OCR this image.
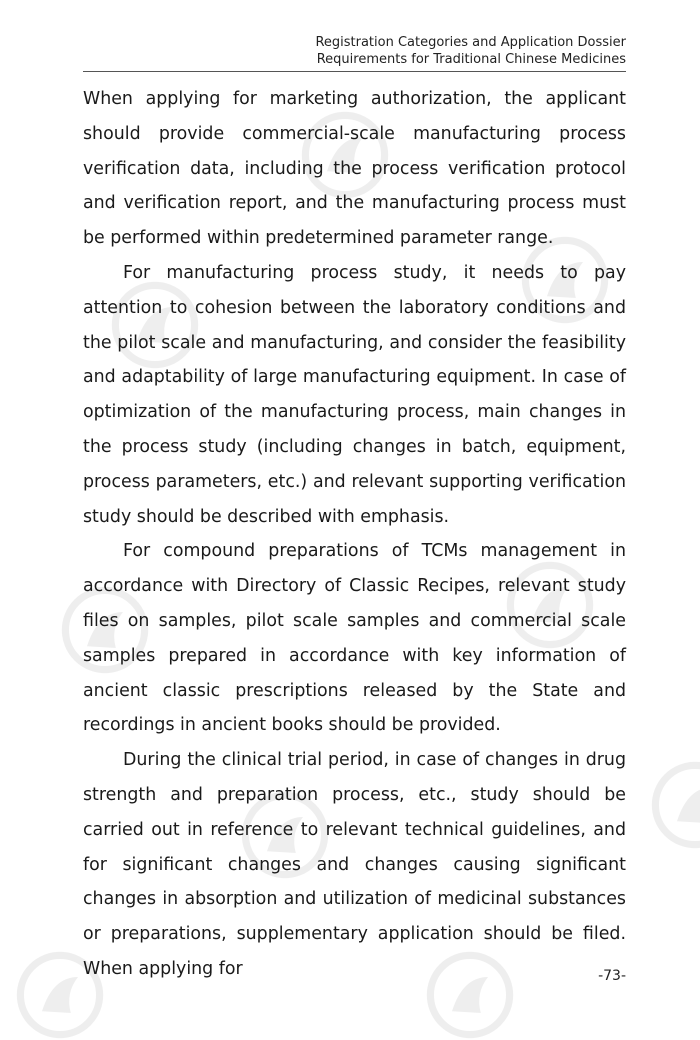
Registration Categories and Application Dossier
Requirements for Traditional Chinese Medicines

When applying for marketing authorization, the applicant should provide commercial-scale manufacturing process verification data, including the process verification protocol and verification report, and the manufacturing process must be performed within predetermined parameter range.

For manufacturing process study, it needs to pay attention to cohesion between the laboratory conditions and the pilot scale and manufacturing, and consider the feasibility and adaptability of large manufacturing equipment. In case of optimization of the manufacturing process, main changes in the process study (including changes in batch, equipment, process parameters, etc.) and relevant supporting verification study should be described with emphasis.

For compound preparations of TCMs management in accordance with Directory of Classic Recipes, relevant study files on samples, pilot scale samples and commercial scale samples prepared in accordance with key information of ancient classic prescriptions released by the State and recordings in ancient books should be provided.

During the clinical trial period, in case of changes in drug strength and preparation process, etc., study should be carried out in reference to relevant technical guidelines, and for significant changes and changes causing significant changes in absorption and utilization of medicinal substances or preparations, supplementary application should be filed. When applying for	-73-
